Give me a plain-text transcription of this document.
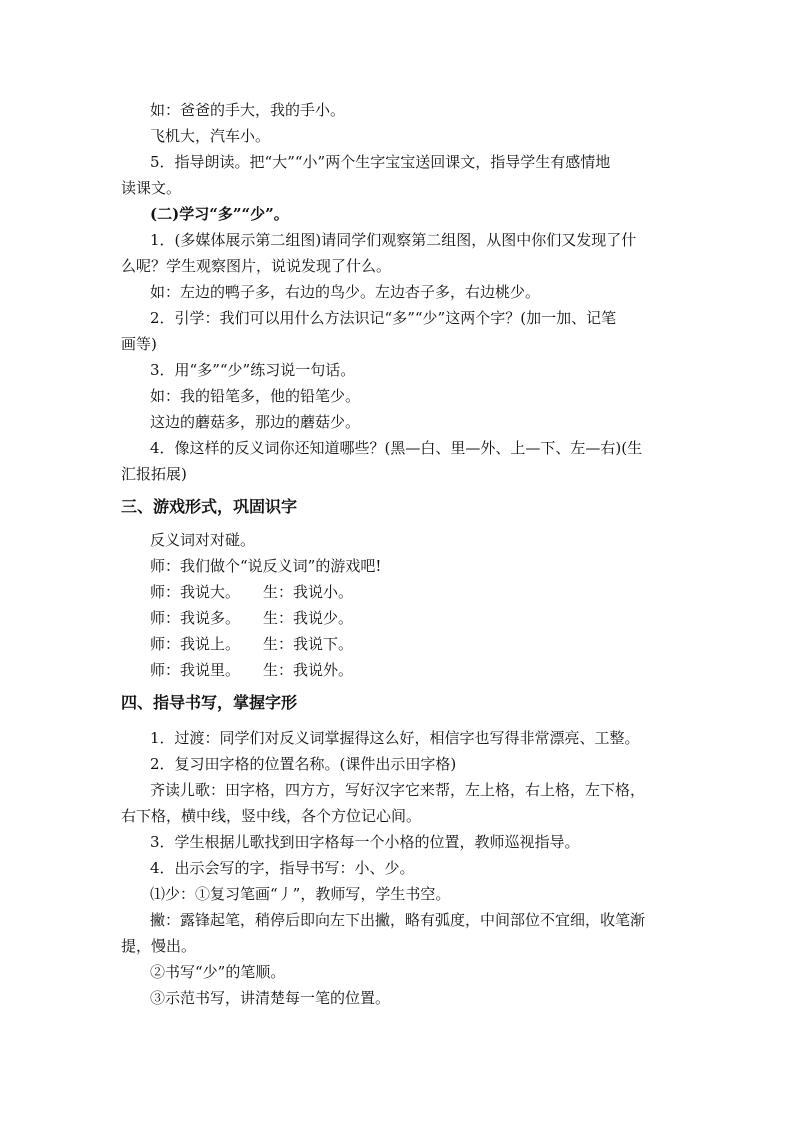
如：爸爸的手大，我的手小。
飞机大，汽车小。
5．指导朗读。把“大”“小”两个生字宝宝送回课文，指导学生有感情地
读课文。
(二)学习“多”“少”。
1．(多媒体展示第二组图)请同学们观察第二组图，从图中你们又发现了什
么呢？学生观察图片，说说发现了什么。
如：左边的鸭子多，右边的鸟少。左边杏子多，右边桃少。
2．引学：我们可以用什么方法识记“多”“少”这两个字？(加一加、记笔
画等)
3．用“多”“少”练习说一句话。
如：我的铅笔多，他的铅笔少。
这边的蘑菇多，那边的蘑菇少。
4．像这样的反义词你还知道哪些？(黑—白、里—外、上—下、左—右)(生
汇报拓展)
三、游戏形式，巩固识字
反义词对对碰。
师：我们做个“说反义词”的游戏吧!
师：我说大。 生：我说小。
师：我说多。 生：我说少。
师：我说上。 生：我说下。
师：我说里。 生：我说外。
四、指导书写，掌握字形
1．过渡：同学们对反义词掌握得这么好，相信字也写得非常漂亮、工整。
2．复习田字格的位置名称。(课件出示田字格)
齐读儿歌：田字格，四方方，写好汉字它来帮，左上格，右上格，左下格，
右下格，横中线，竖中线，各个方位记心间。
3．学生根据儿歌找到田字格每一个小格的位置，教师巡视指导。
4．出示会写的字，指导书写：小、少。
⑴少：①复习笔画“丿”，教师写，学生书空。
撇：露锋起笔，稍停后即向左下出撇，略有弧度，中间部位不宜细，收笔渐
提，慢出。
②书写“少”的笔顺。
③示范书写，讲清楚每一笔的位置。
